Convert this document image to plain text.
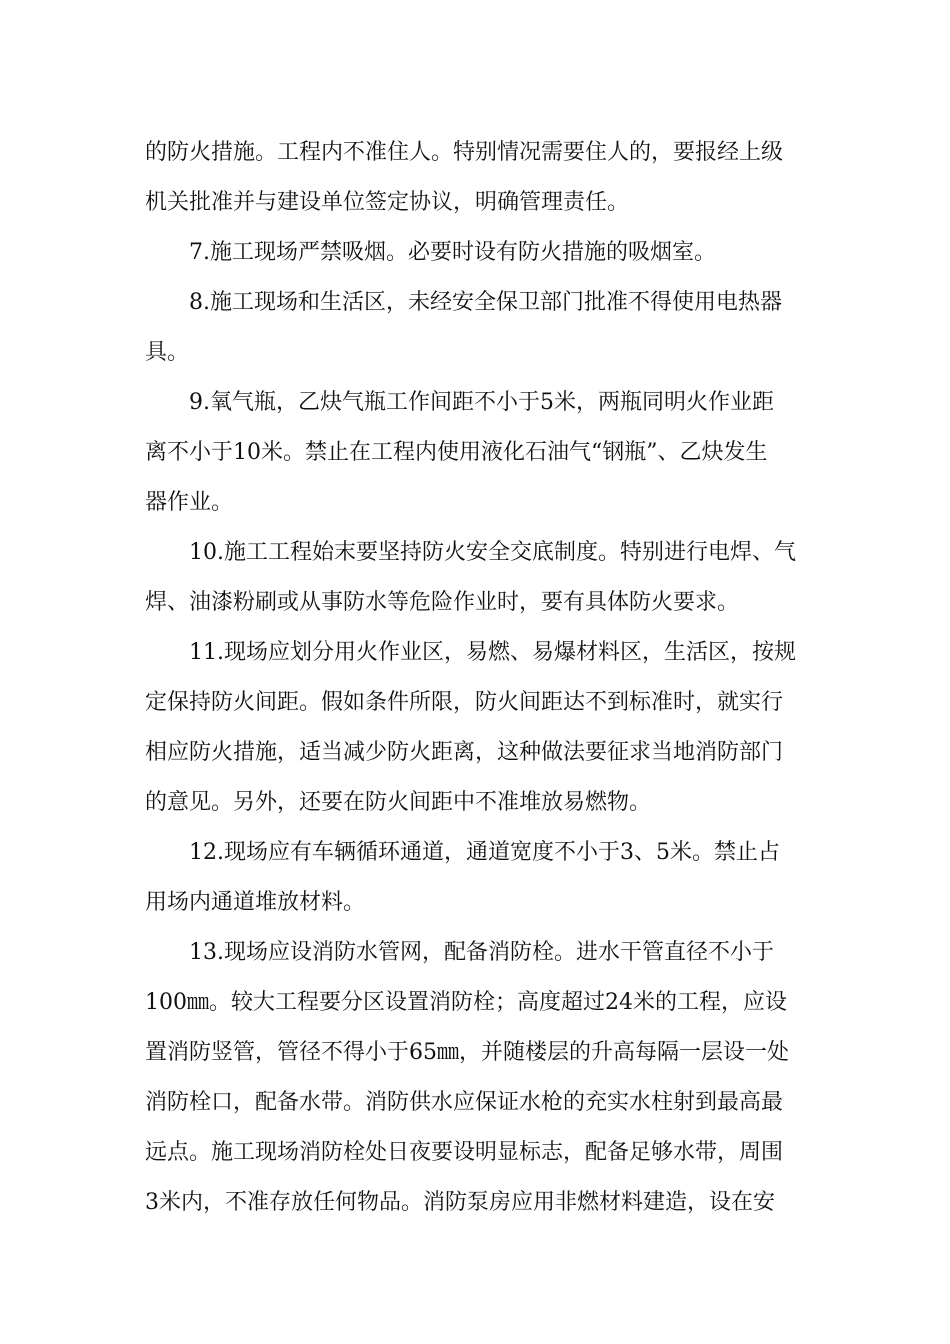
的防火措施。工程内不准住人。特别情况需要住人的，要报经上级
机关批准并与建设单位签定协议，明确管理责任。
7.施工现场严禁吸烟。必要时设有防火措施的吸烟室。
8.施工现场和生活区，未经安全保卫部门批准不得使用电热器
具。
9.氧气瓶，乙炔气瓶工作间距不小于5米，两瓶同明火作业距
离不小于10米。禁止在工程内使用液化石油气“钢瓶”、乙炔发生
器作业。
10.施工工程始末要坚持防火安全交底制度。特别进行电焊、气
焊、油漆粉刷或从事防水等危险作业时，要有具体防火要求。
11.现场应划分用火作业区，易燃、易爆材料区，生活区，按规
定保持防火间距。假如条件所限，防火间距达不到标准时，就实行
相应防火措施，适当减少防火距离，这种做法要征求当地消防部门
的意见。另外，还要在防火间距中不准堆放易燃物。
12.现场应有车辆循环通道，通道宽度不小于3、5米。禁止占
用场内通道堆放材料。
13.现场应设消防水管网，配备消防栓。进水干管直径不小于
100㎜。较大工程要分区设置消防栓；高度超过24米的工程，应设
置消防竖管，管径不得小于65㎜，并随楼层的升高每隔一层设一处
消防栓口，配备水带。消防供水应保证水枪的充实水柱射到最高最
远点。施工现场消防栓处日夜要设明显标志，配备足够水带，周围
3米内，不准存放任何物品。消防泵房应用非燃材料建造，设在安
